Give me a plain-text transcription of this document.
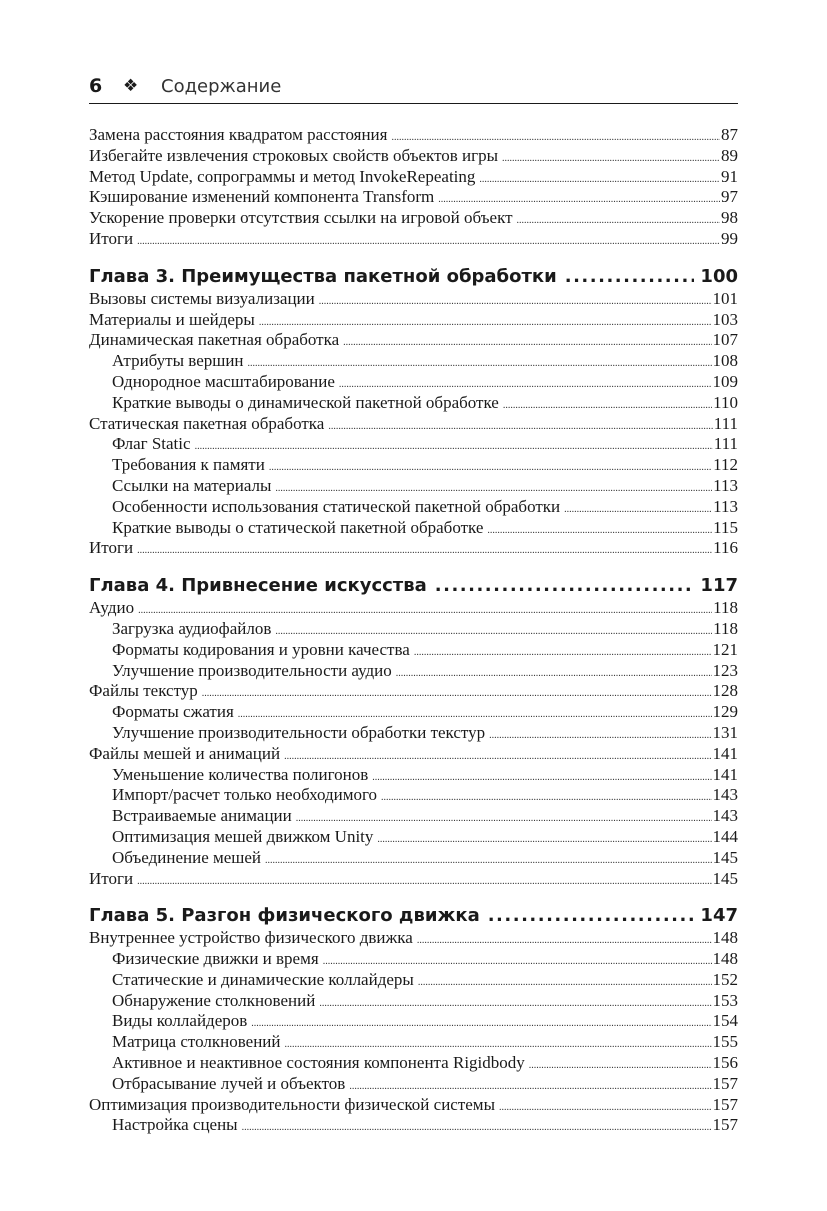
6 ❖ Содержание
Замена расстояния квадратом расстояния .....	87
Избегайте извлечения строковых свойств объектов игры .....	89
Метод Update, сопрограммы и метод InvokeRepeating .....	91
Кэширование изменений компонента Transform .....	97
Ускорение проверки отсутствия ссылки на игровой объект .....	98
Итоги .....	99
Глава 3. Преимущества пакетной обработки .....	100
Вызовы системы визуализации .....	101
Материалы и шейдеры .....	103
Динамическая пакетная обработка .....	107
Атрибуты вершин .....	108
Однородное масштабирование .....	109
Краткие выводы о динамической пакетной обработке .....	110
Статическая пакетная обработка .....	111
Флаг Static .....	111
Требования к памяти .....	112
Ссылки на материалы .....	113
Особенности использования статической пакетной обработки .....	113
Краткие выводы о статической пакетной обработке .....	115
Итоги .....	116
Глава 4. Привнесение искусства .....	117
Аудио .....	118
Загрузка аудиофайлов .....	118
Форматы кодирования и уровни качества .....	121
Улучшение производительности аудио .....	123
Файлы текстур .....	128
Форматы сжатия .....	129
Улучшение производительности обработки текстур .....	131
Файлы мешей и анимаций .....	141
Уменьшение количества полигонов .....	141
Импорт/расчет только необходимого .....	143
Встраиваемые анимации .....	143
Оптимизация мешей движком Unity .....	144
Объединение мешей .....	145
Итоги .....	145
Глава 5. Разгон физического движка .....	147
Внутреннее устройство физического движка .....	148
Физические движки и время .....	148
Статические и динамические коллайдеры .....	152
Обнаружение столкновений .....	153
Виды коллайдеров .....	154
Матрица столкновений .....	155
Активное и неактивное состояния компонента Rigidbody .....	156
Отбрасывание лучей и объектов .....	157
Оптимизация производительности физической системы .....	157
Настройка сцены .....	157
